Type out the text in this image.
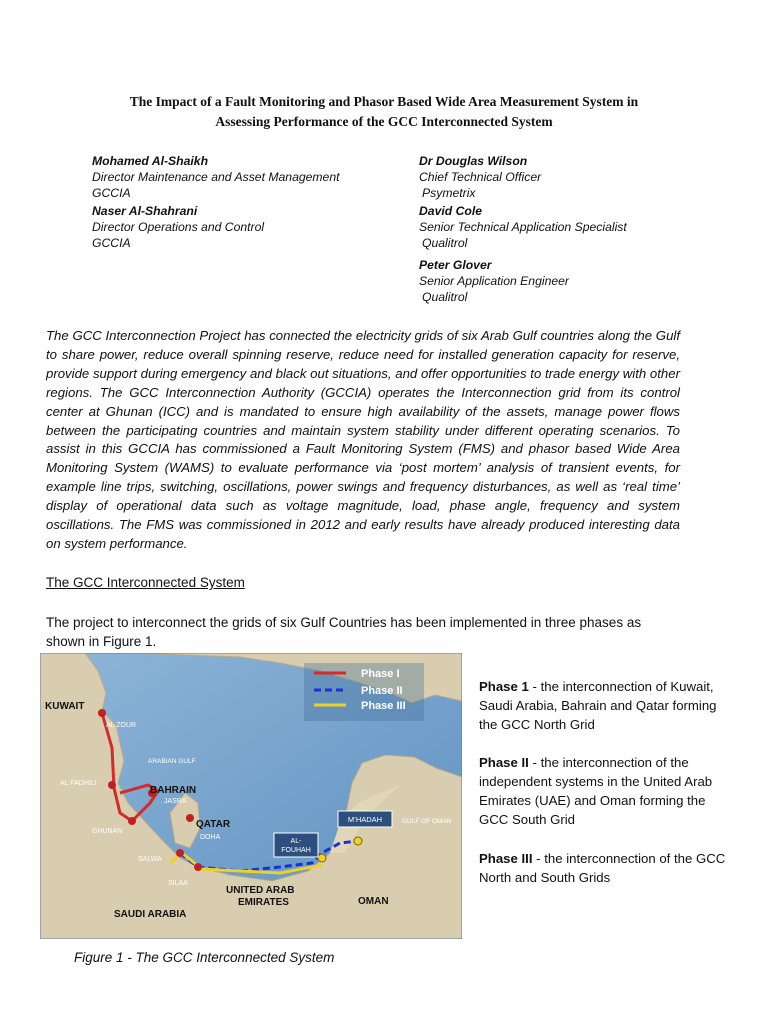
The Impact of a Fault Monitoring and Phasor Based Wide Area Measurement System in
Assessing Performance of the GCC Interconnected System
Mohamed Al-Shaikh
Director Maintenance and Asset Management
GCCIA
Naser Al-Shahrani
Director Operations and Control
GCCIA
Dr Douglas Wilson
Chief Technical Officer
Psymetrix
David Cole
Senior Technical Application Specialist
Qualitrol
Peter Glover
Senior Application Engineer
Qualitrol

The GCC Interconnection Project has connected the electricity grids of six Arab Gulf countries along the Gulf to share power, reduce overall spinning reserve, reduce need for installed generation capacity for reserve, provide support during emergency and black out situations, and offer opportunities to trade energy with other regions. The GCC Interconnection Authority (GCCIA) operates the Interconnection grid from its control center at Ghunan (ICC) and is mandated to ensure high availability of the assets, manage power flows between the participating countries and maintain system stability under different operating scenarios. To assist in this GCCIA has commissioned a Fault Monitoring System (FMS) and phasor based Wide Area Monitoring System (WAMS) to evaluate performance via ‘post mortem’ analysis of transient events, for example line trips, switching, oscillations, power swings and frequency disturbances, as well as ‘real time’ display of operational data such as voltage magnitude, load, phase angle, frequency and system oscillations. The FMS was commissioned in 2012 and early results have already produced interesting data on system performance.

The GCC Interconnected System

The project to interconnect the grids of six Gulf Countries has been implemented in three phases as shown in Figure 1.

Phase I
Phase II
Phase III
KUWAIT
BAHRAIN
QATAR
UNITED ARAB
EMIRATES	OMAN
SAUDI ARABIA
AL ZOUR
AL FADHILI
ARABIAN GULF
JASRA
GHUNAN
DOHA
SALWA
SILAA
GULF OF OMAN
AL-
FOUHAH
M’HADAH

Phase 1 - the interconnection of Kuwait, Saudi Arabia, Bahrain and Qatar forming the GCC North Grid

Phase II - the interconnection of the independent systems in the United Arab Emirates (UAE) and Oman forming the GCC South Grid

Phase III - the interconnection of the GCC North and South Grids

Figure 1 - The GCC Interconnected System
